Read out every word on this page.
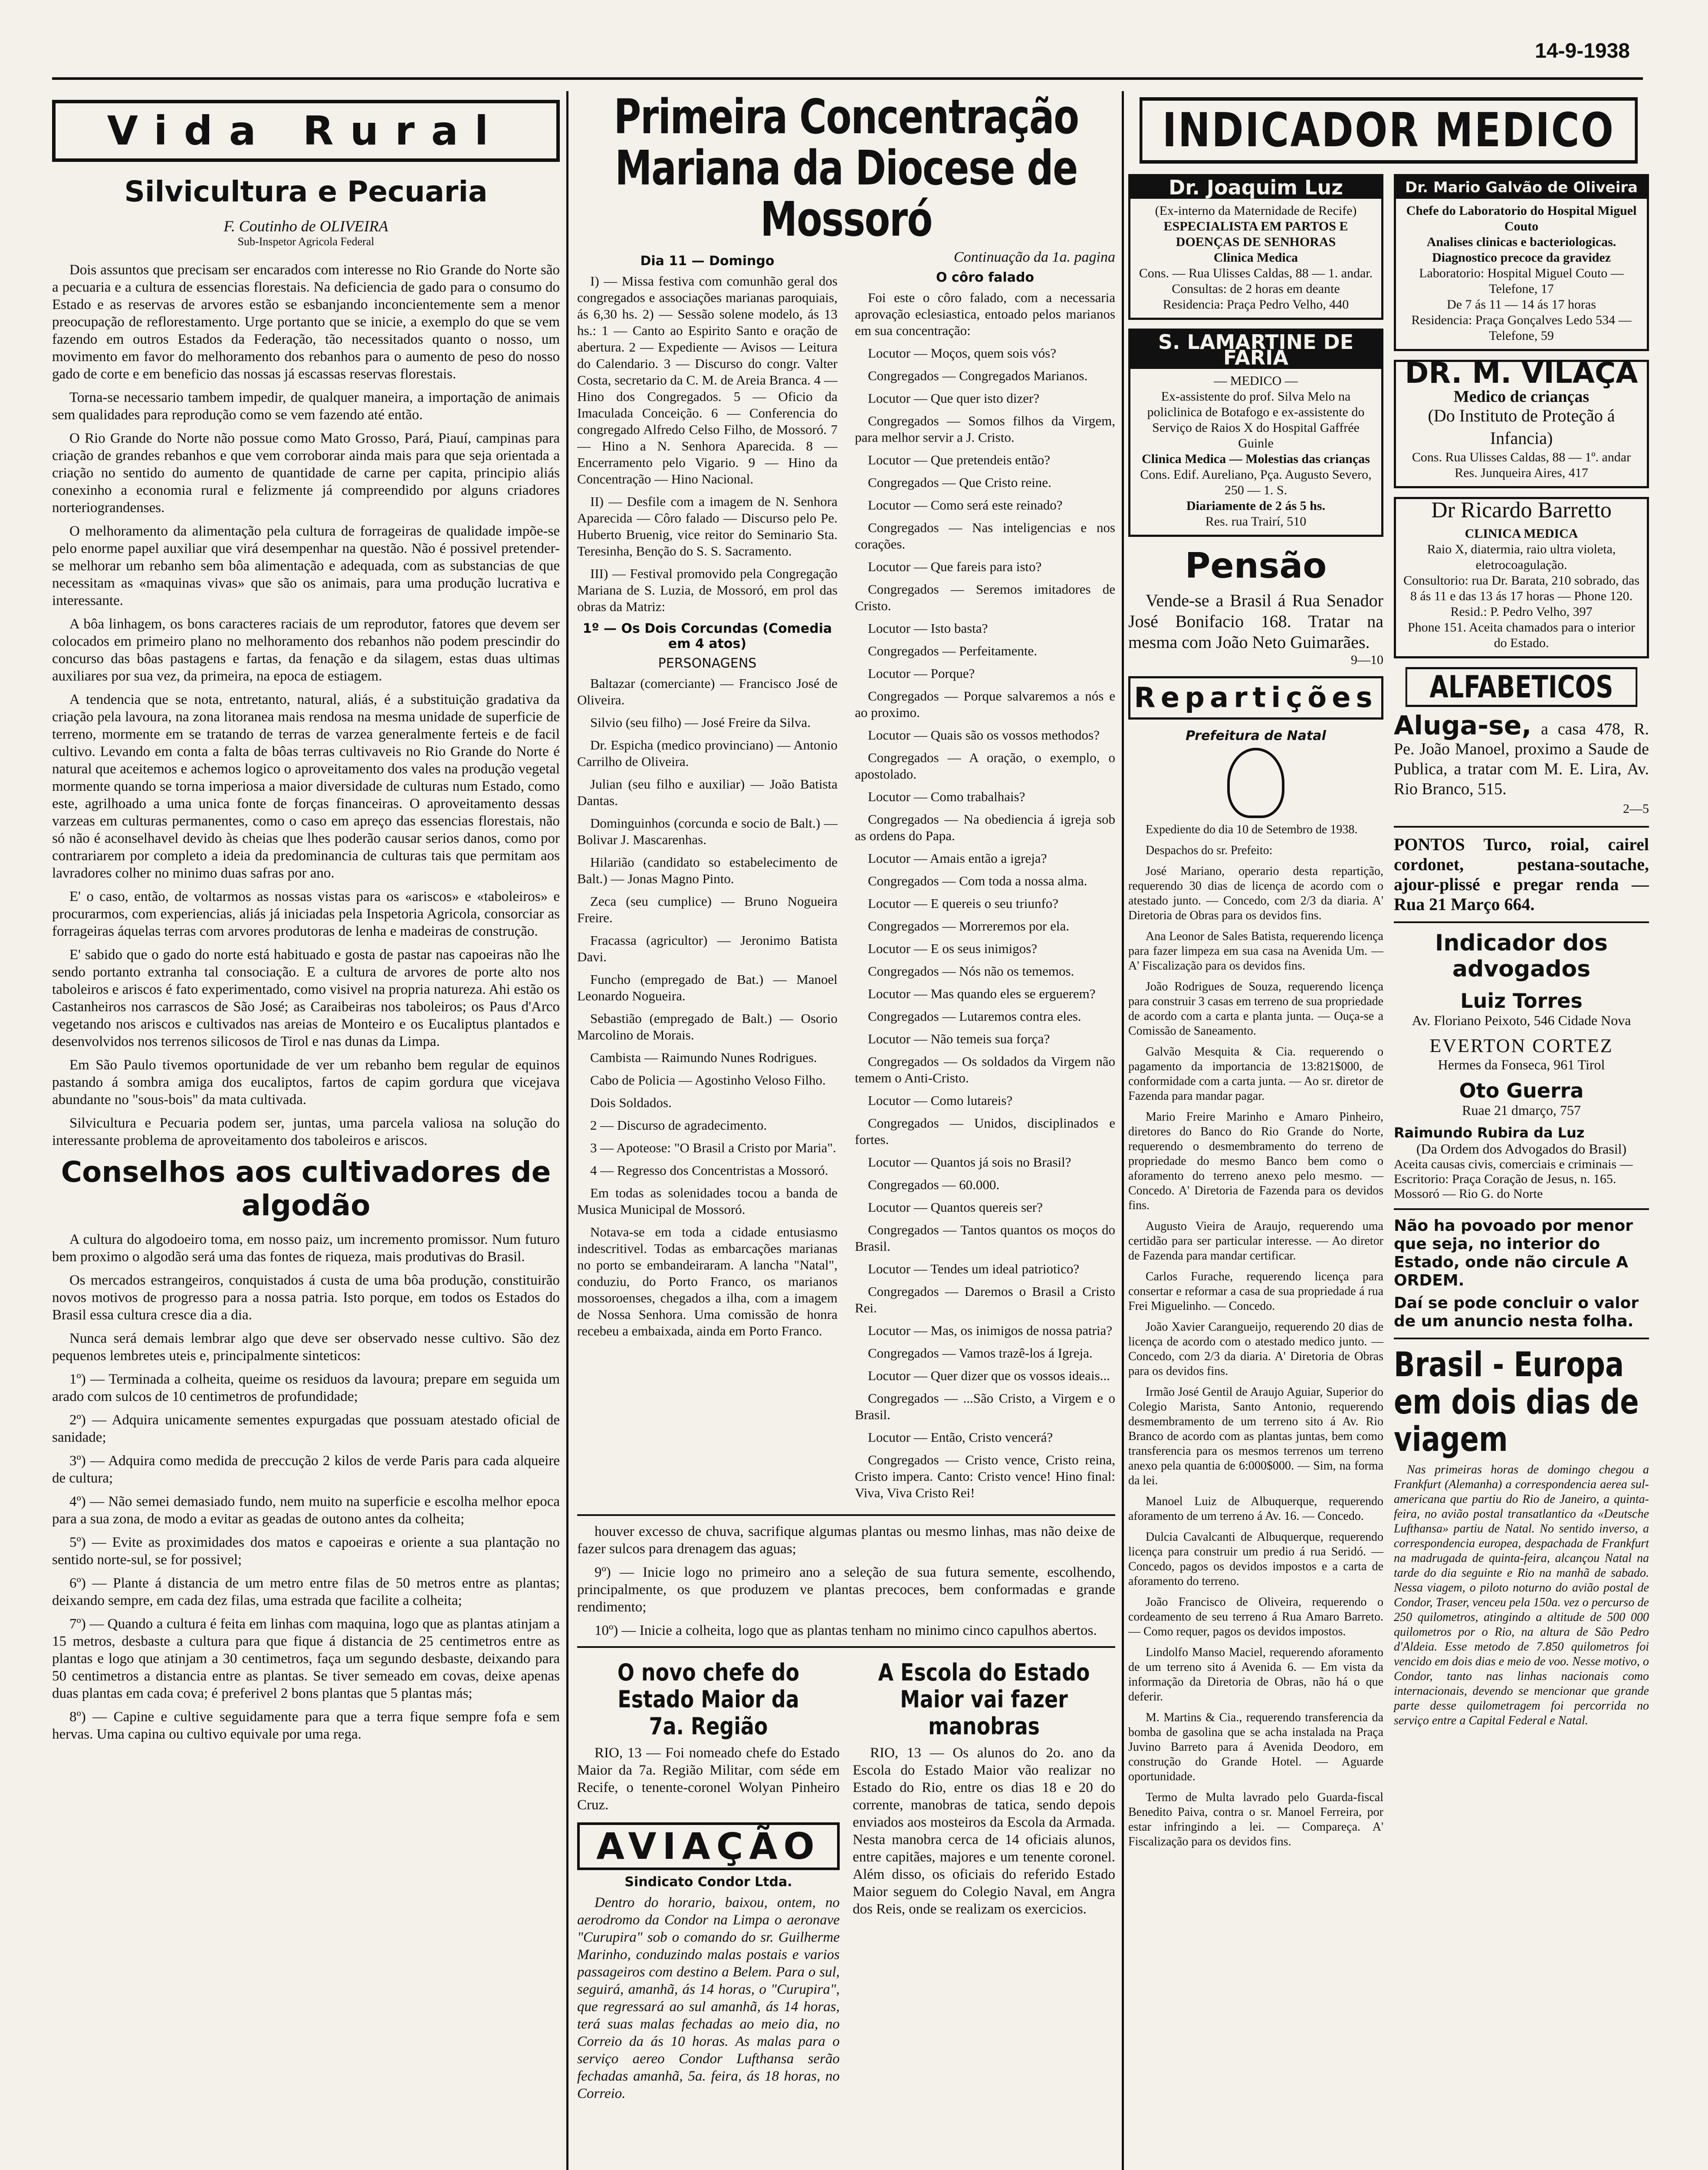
14-9-1938
Vida Rural
Silvicultura e Pecuaria
F. Coutinho de OLIVEIRA
Sub-Inspetor Agricola Federal

Dois assuntos que precisam ser encarados com interesse no Rio Grande do Norte são a pecuaria e a cultura de essencias florestais. Na deficiencia de gado para o consumo do Estado e as reservas de arvores estão se esbanjando inconcientemente sem a menor preocupação de reflorestamento. Urge portanto que se inicie, a exemplo do que se vem fazendo em outros Estados da Federação, tão necessitados quanto o nosso, um movimento em favor do melhoramento dos rebanhos para o aumento de peso do nosso gado de corte e em beneficio das nossas já escassas reservas florestais.

Torna-se necessario tambem impedir, de qualquer maneira, a importação de animais sem qualidades para reprodução como se vem fazendo até então.

O Rio Grande do Norte não possue como Mato Grosso, Pará, Piauí, campinas para criação de grandes rebanhos e que vem corroborar ainda mais para que seja orientada a criação no sentido do aumento de quantidade de carne per capita, principio aliás conexinho a economia rural e felizmente já compreendido por alguns criadores norteriograndenses.

O melhoramento da alimentação pela cultura de forrageiras de qualidade impõe-se pelo enorme papel auxiliar que virá desempenhar na questão. Não é possivel pretender-se melhorar um rebanho sem bôa alimentação e adequada, com as substancias de que necessitam as «maquinas vivas» que são os animais, para uma produção lucrativa e interessante.

A bôa linhagem, os bons caracteres raciais de um reprodutor, fatores que devem ser colocados em primeiro plano no melhoramento dos rebanhos não podem prescindir do concurso das bôas pastagens e fartas, da fenação e da silagem, estas duas ultimas auxiliares por sua vez, da primeira, na epoca de estiagem.

A tendencia que se nota, entretanto, natural, aliás, é a substituição gradativa da criação pela lavoura, na zona litoranea mais rendosa na mesma unidade de superficie de terreno, mormente em se tratando de terras de varzea generalmente ferteis e de facil cultivo. Levando em conta a falta de bôas terras cultivaveis no Rio Grande do Norte é natural que aceitemos e achemos logico o aproveitamento dos vales na produção vegetal mormente quando se torna imperiosa a maior diversidade de culturas num Estado, como este, agrilhoado a uma unica fonte de forças financeiras. O aproveitamento dessas varzeas em culturas permanentes, como o caso em apreço das essencias florestais, não só não é aconselhavel devido às cheias que lhes poderão causar serios danos, como por contrariarem por completo a ideia da predominancia de culturas tais que permitam aos lavradores colher no minimo duas safras por ano.

E' o caso, então, de voltarmos as nossas vistas para os «ariscos» e «taboleiros» e procurarmos, com experiencias, aliás já iniciadas pela Inspetoria Agricola, consorciar as forrageiras áquelas terras com arvores produtoras de lenha e madeiras de construção.

E' sabido que o gado do norte está habituado e gosta de pastar nas capoeiras não lhe sendo portanto extranha tal consociação. E a cultura de arvores de porte alto nos taboleiros e ariscos é fato experimentado, como visivel na propria natureza. Ahi estão os Castanheiros nos carrascos de São José; as Caraibeiras nos taboleiros; os Paus d'Arco vegetando nos ariscos e cultivados nas areias de Monteiro e os Eucaliptus plantados e desenvolvidos nos terrenos silicosos de Tirol e nas dunas da Limpa.

Em São Paulo tivemos oportunidade de ver um rebanho bem regular de equinos pastando á sombra amiga dos eucaliptos, fartos de capim gordura que vicejava abundante no "sous-bois" da mata cultivada.

Silvicultura e Pecuaria podem ser, juntas, uma parcela valiosa na solução do interessante problema de aproveitamento dos taboleiros e ariscos.

Conselhos aos cultivadores de algodão

A cultura do algodoeiro toma, em nosso paiz, um incremento promissor. Num futuro bem proximo o algodão será uma das fontes de riqueza, mais produtivas do Brasil.

Os mercados estrangeiros, conquistados á custa de uma bôa produção, constituirão novos motivos de progresso para a nossa patria. Isto porque, em todos os Estados do Brasil essa cultura cresce dia a dia.

Nunca será demais lembrar algo que deve ser observado nesse cultivo. São dez pequenos lembretes uteis e, principalmente sinteticos:

1º) — Terminada a colheita, queime os residuos da lavoura; prepare em seguida um arado com sulcos de 10 centimetros de profundidade;

2º) — Adquira unicamente sementes expurgadas que possuam atestado oficial de sanidade;

3º) — Adquira como medida de preccução 2 kilos de verde Paris para cada alqueire de cultura;

4º) — Não semei demasiado fundo, nem muito na superficie e escolha melhor epoca para a sua zona, de modo a evitar as geadas de outono antes da colheita;

5º) — Evite as proximidades dos matos e capoeiras e oriente a sua plantação no sentido norte-sul, se for possivel;

6º) — Plante á distancia de um metro entre filas de 50 metros entre as plantas; deixando sempre, em cada dez filas, uma estrada que facilite a colheita;

7º) — Quando a cultura é feita em linhas com maquina, logo que as plantas atinjam a 15 metros, desbaste a cultura para que fique á distancia de 25 centimetros entre as plantas e logo que atinjam a 30 centimetros, faça um segundo desbaste, deixando para 50 centimetros a distancia entre as plantas. Se tiver semeado em covas, deixe apenas duas plantas em cada cova; é preferivel 2 bons plantas que 5 plantas más;

8º) — Capine e cultive seguidamente para que a terra fique sempre fofa e sem hervas. Uma capina ou cultivo equivale por uma rega.

Primeira Concentração Mariana da Diocese de Mossoró
Dia 11 — Domingo

I) — Missa festiva com comunhão geral dos congregados e associações marianas paroquiais, ás 6,30 hs. 2) — Sessão solene modelo, ás 13 hs.: 1 — Canto ao Espirito Santo e oração de abertura. 2 — Expediente — Avisos — Leitura do Calendario. 3 — Discurso do congr. Valter Costa, secretario da C. M. de Areia Branca. 4 — Hino dos Congregados. 5 — Oficio da Imaculada Conceição. 6 — Conferencia do congregado Alfredo Celso Filho, de Mossoró. 7 — Hino a N. Senhora Aparecida. 8 — Encerramento pelo Vigario. 9 — Hino da Concentração — Hino Nacional.

II) — Desfile com a imagem de N. Senhora Aparecida — Côro falado — Discurso pelo Pe. Huberto Bruenig, vice reitor do Seminario Sta. Teresinha, Benção do S. S. Sacramento.

III) — Festival promovido pela Congregação Mariana de S. Luzia, de Mossoró, em prol das obras da Matriz:

1º — Os Dois Corcundas (Comedia em 4 atos)
PERSONAGENS

Baltazar (comerciante) — Francisco José de Oliveira.

Silvio (seu filho) — José Freire da Silva.

Dr. Espicha (medico provinciano) — Antonio Carrilho de Oliveira.

Julian (seu filho e auxiliar) — João Batista Dantas.

Dominguinhos (corcunda e socio de Balt.) — Bolivar J. Mascarenhas.

Hilarião (candidato so estabelecimento de Balt.) — Jonas Magno Pinto.

Zeca (seu cumplice) — Bruno Nogueira Freire.

Fracassa (agricultor) — Jeronimo Batista Davi.

Funcho (empregado de Bat.) — Manoel Leonardo Nogueira.

Sebastião (empregado de Balt.) — Osorio Marcolino de Morais.

Cambista — Raimundo Nunes Rodrigues.

Cabo de Policia — Agostinho Veloso Filho.

Dois Soldados.

2 — Discurso de agradecimento.

3 — Apoteose: "O Brasil a Cristo por Maria".

4 — Regresso dos Concentristas a Mossoró.

Em todas as solenidades tocou a banda de Musica Municipal de Mossoró.

Notava-se em toda a cidade entusiasmo indescritivel. Todas as embarcações marianas no porto se embandeiraram. A lancha "Natal", conduziu, do Porto Franco, os marianos mossoroenses, chegados a ilha, com a imagem de Nossa Senhora. Uma comissão de honra recebeu a embaixada, ainda em Porto Franco.

Continuação da 1a. pagina
O côro falado

Foi este o côro falado, com a necessaria aprovação eclesiastica, entoado pelos marianos em sua concentração:

Locutor — Moços, quem sois vós?

Congregados — Congregados Marianos.

Locutor — Que quer isto dizer?

Congregados — Somos filhos da Virgem, para melhor servir a J. Cristo.

Locutor — Que pretendeis então?

Congregados — Que Cristo reine.

Locutor — Como será este reinado?

Congregados — Nas inteligencias e nos corações.

Locutor — Que fareis para isto?

Congregados — Seremos imitadores de Cristo.

Locutor — Isto basta?

Congregados — Perfeitamente.

Locutor — Porque?

Congregados — Porque salvaremos a nós e ao proximo.

Locutor — Quais são os vossos methodos?

Congregados — A oração, o exemplo, o apostolado.

Locutor — Como trabalhais?

Congregados — Na obediencia á igreja sob as ordens do Papa.

Locutor — Amais então a igreja?

Congregados — Com toda a nossa alma.

Locutor — E quereis o seu triunfo?

Congregados — Morreremos por ela.

Locutor — E os seus inimigos?

Congregados — Nós não os tememos.

Locutor — Mas quando eles se erguerem?

Congregados — Lutaremos contra eles.

Locutor — Não temeis sua força?

Congregados — Os soldados da Virgem não temem o Anti-Cristo.

Locutor — Como lutareis?

Congregados — Unidos, disciplinados e fortes.

Locutor — Quantos já sois no Brasil?

Congregados — 60.000.

Locutor — Quantos quereis ser?

Congregados — Tantos quantos os moços do Brasil.

Locutor — Tendes um ideal patriotico?

Congregados — Daremos o Brasil a Cristo Rei.

Locutor — Mas, os inimigos de nossa patria?

Congregados — Vamos trazê-los á Igreja.

Locutor — Quer dizer que os vossos ideais...

Congregados — ...São Cristo, a Virgem e o Brasil.

Locutor — Então, Cristo vencerá?

Congregados — Cristo vence, Cristo reina, Cristo impera. Canto: Cristo vence! Hino final: Viva, Viva Cristo Rei!

houver excesso de chuva, sacrifique algumas plantas ou mesmo linhas, mas não deixe de fazer sulcos para drenagem das aguas;

9º) — Inicie logo no primeiro ano a seleção de sua futura semente, escolhendo, principalmente, os que produzem ve plantas precoces, bem conformadas e grande rendimento;

10º) — Inicie a colheita, logo que as plantas tenham no minimo cinco capulhos abertos.

O novo chefe do Estado Maior da 7a. Região

RIO, 13 — Foi nomeado chefe do Estado Maior da 7a. Região Militar, com séde em Recife, o tenente-coronel Wolyan Pinheiro Cruz.

AVIAÇÃO
Sindicato Condor Ltda.

Dentro do horario, baixou, ontem, no aerodromo da Condor na Limpa o aeronave "Curupira" sob o comando do sr. Guilherme Marinho, conduzindo malas postais e varios passageiros com destino a Belem. Para o sul, seguirá, amanhã, ás 14 horas, o "Curupira", que regressará ao sul amanhã, ás 14 horas, terá suas malas fechadas ao meio dia, no Correio da ás 10 horas. As malas para o serviço aereo Condor Lufthansa serão fechadas amanhã, 5a. feira, ás 18 horas, no Correio.

A Escola do Estado Maior vai fazer manobras

RIO, 13 — Os alunos do 2o. ano da Escola do Estado Maior vão realizar no Estado do Rio, entre os dias 18 e 20 do corrente, manobras de tatica, sendo depois enviados aos mosteiros da Escola da Armada. Nesta manobra cerca de 14 oficiais alunos, entre capitães, majores e um tenente coronel. Além disso, os oficiais do referido Estado Maior seguem do Colegio Naval, em Angra dos Reis, onde se realizam os exercicios.

INDICADOR MEDICO
Dr. Joaquim Luz
(Ex-interno da Maternidade de Recife)
ESPECIALISTA EM PARTOS E DOENÇAS DE SENHORAS
Clinica Medica
Cons. — Rua Ulisses Caldas, 88 — 1. andar. Consultas: de 2 horas em deante
Residencia: Praça Pedro Velho, 440
S. LAMARTINE DE FARIA
— MEDICO —
Ex-assistente do prof. Silva Melo na policlinica de Botafogo e ex-assistente do Serviço de Raios X do Hospital Gaffrée Guinle
Clinica Medica — Molestias das crianças
Cons. Edif. Aureliano, Pça. Augusto Severo, 250 — 1. S.
Diariamente de 2 ás 5 hs.
Res. rua Trairí, 510
Pensão

Vende-se a Brasil á Rua Senador José Bonifacio 168. Tratar na mesma com João Neto Guimarães.

9—10
Repartições
Prefeitura de Natal

Expediente do dia 10 de Setembro de 1938.

Despachos do sr. Prefeito:

José Mariano, operario desta repartição, requerendo 30 dias de licença de acordo com o atestado junto. — Concedo, com 2/3 da diaria. A' Diretoria de Obras para os devidos fins.

Ana Leonor de Sales Batista, requerendo licença para fazer limpeza em sua casa na Avenida Um. — A' Fiscalização para os devidos fins.

João Rodrigues de Souza, requerendo licença para construir 3 casas em terreno de sua propriedade de acordo com a carta e planta junta. — Ouça-se a Comissão de Saneamento.

Galvão Mesquita & Cia. requerendo o pagamento da importancia de 13:821$000, de conformidade com a carta junta. — Ao sr. diretor de Fazenda para mandar pagar.

Mario Freire Marinho e Amaro Pinheiro, diretores do Banco do Rio Grande do Norte, requerendo o desmembramento do terreno de propriedade do mesmo Banco bem como o aforamento do terreno anexo pelo mesmo. — Concedo. A' Diretoria de Fazenda para os devidos fins.

Augusto Vieira de Araujo, requerendo uma certidão para ser particular interesse. — Ao diretor de Fazenda para mandar certificar.

Carlos Furache, requerendo licença para consertar e reformar a casa de sua propriedade á rua Frei Miguelinho. — Concedo.

João Xavier Carangueijo, requerendo 20 dias de licença de acordo com o atestado medico junto. — Concedo, com 2/3 da diaria. A' Diretoria de Obras para os devidos fins.

Irmão José Gentil de Araujo Aguiar, Superior do Colegio Marista, Santo Antonio, requerendo desmembramento de um terreno sito á Av. Rio Branco de acordo com as plantas juntas, bem como transferencia para os mesmos terrenos um terreno anexo pela quantia de 6:000$000. — Sim, na forma da lei.

Manoel Luiz de Albuquerque, requerendo aforamento de um terreno á Av. 16. — Concedo.

Dulcia Cavalcanti de Albuquerque, requerendo licença para construir um predio á rua Seridó. — Concedo, pagos os devidos impostos e a carta de aforamento do terreno.

João Francisco de Oliveira, requerendo o cordeamento de seu terreno á Rua Amaro Barreto. — Como requer, pagos os devidos impostos.

Lindolfo Manso Maciel, requerendo aforamento de um terreno sito á Avenida 6. — Em vista da informação da Diretoria de Obras, não há o que deferir.

M. Martins & Cia., requerendo transferencia da bomba de gasolina que se acha instalada na Praça Juvino Barreto para á Avenida Deodoro, em construção do Grande Hotel. — Aguarde oportunidade.

Termo de Multa lavrado pelo Guarda-fiscal Benedito Paiva, contra o sr. Manoel Ferreira, por estar infringindo a lei. — Compareça. A' Fiscalização para os devidos fins.

Dr. Mario Galvão de Oliveira
Chefe do Laboratorio do Hospital Miguel Couto
Analises clinicas e bacteriologicas. Diagnostico precoce da gravidez
Laboratorio: Hospital Miguel Couto — Telefone, 17
De 7 ás 11 — 14 ás 17 horas
Residencia: Praça Gonçalves Ledo 534 — Telefone, 59
DR. M. VILAÇA
Medico de crianças
(Do Instituto de Proteção á Infancia)
Cons. Rua Ulisses Caldas, 88 — 1º. andar
Res. Junqueira Aires, 417
Dr Ricardo Barretto
CLINICA MEDICA
Raio X, diatermia, raio ultra violeta, eletrocoagulação.
Consultorio: rua Dr. Barata, 210 sobrado, das 8 ás 11 e das 13 ás 17 horas — Phone 120.
Resid.: P. Pedro Velho, 397
Phone 151. Aceita chamados para o interior do Estado.
ALFABETICOS
Aluga-se, a casa 478, R. Pe. João Manoel, proximo a Saude de Publica, a tratar com M. E. Lira, Av. Rio Branco, 515.
2—5
PONTOS Turco, roial, cairel cordonet, pestana-soutache, ajour-plissé e pregar renda — Rua 21 Março 664.
Indicador dos advogados
Luiz Torres
Av. Floriano Peixoto, 546 Cidade Nova
EVERTON CORTEZ
Hermes da Fonseca, 961 Tirol
Oto Guerra
Ruae 21 dmarço, 757
Raimundo Rubira da Luz
(Da Ordem dos Advogados do Brasil)
Aceita causas civis, comerciais e criminais — Escritorio: Praça Coração de Jesus, n. 165.
Mossoró — Rio G. do Norte
Não ha povoado por menor que seja, no interior do Estado, onde não circule A ORDEM.
Daí se pode concluir o valor de um anuncio nesta folha.
Brasil - Europa em dois dias de viagem

Nas primeiras horas de domingo chegou a Frankfurt (Alemanha) a correspondencia aerea sul-americana que partiu do Rio de Janeiro, a quinta-feira, no avião postal transatlantico da «Deutsche Lufthansa» partiu de Natal. No sentido inverso, a correspondencia europea, despachada de Frankfurt na madrugada de quinta-feira, alcançou Natal na tarde do dia seguinte e Rio na manhã de sabado. Nessa viagem, o piloto noturno do avião postal de Condor, Traser, venceu pela 150a. vez o percurso de 250 quilometros, atingindo a altitude de 500 000 quilometros por o Rio, na altura de São Pedro d'Aldeia. Esse metodo de 7.850 quilometros foi vencido em dois dias e meio de voo. Nesse motivo, o Condor, tanto nas linhas nacionais como internacionais, devendo se mencionar que grande parte desse quilometragem foi percorrida no serviço entre a Capital Federal e Natal.
